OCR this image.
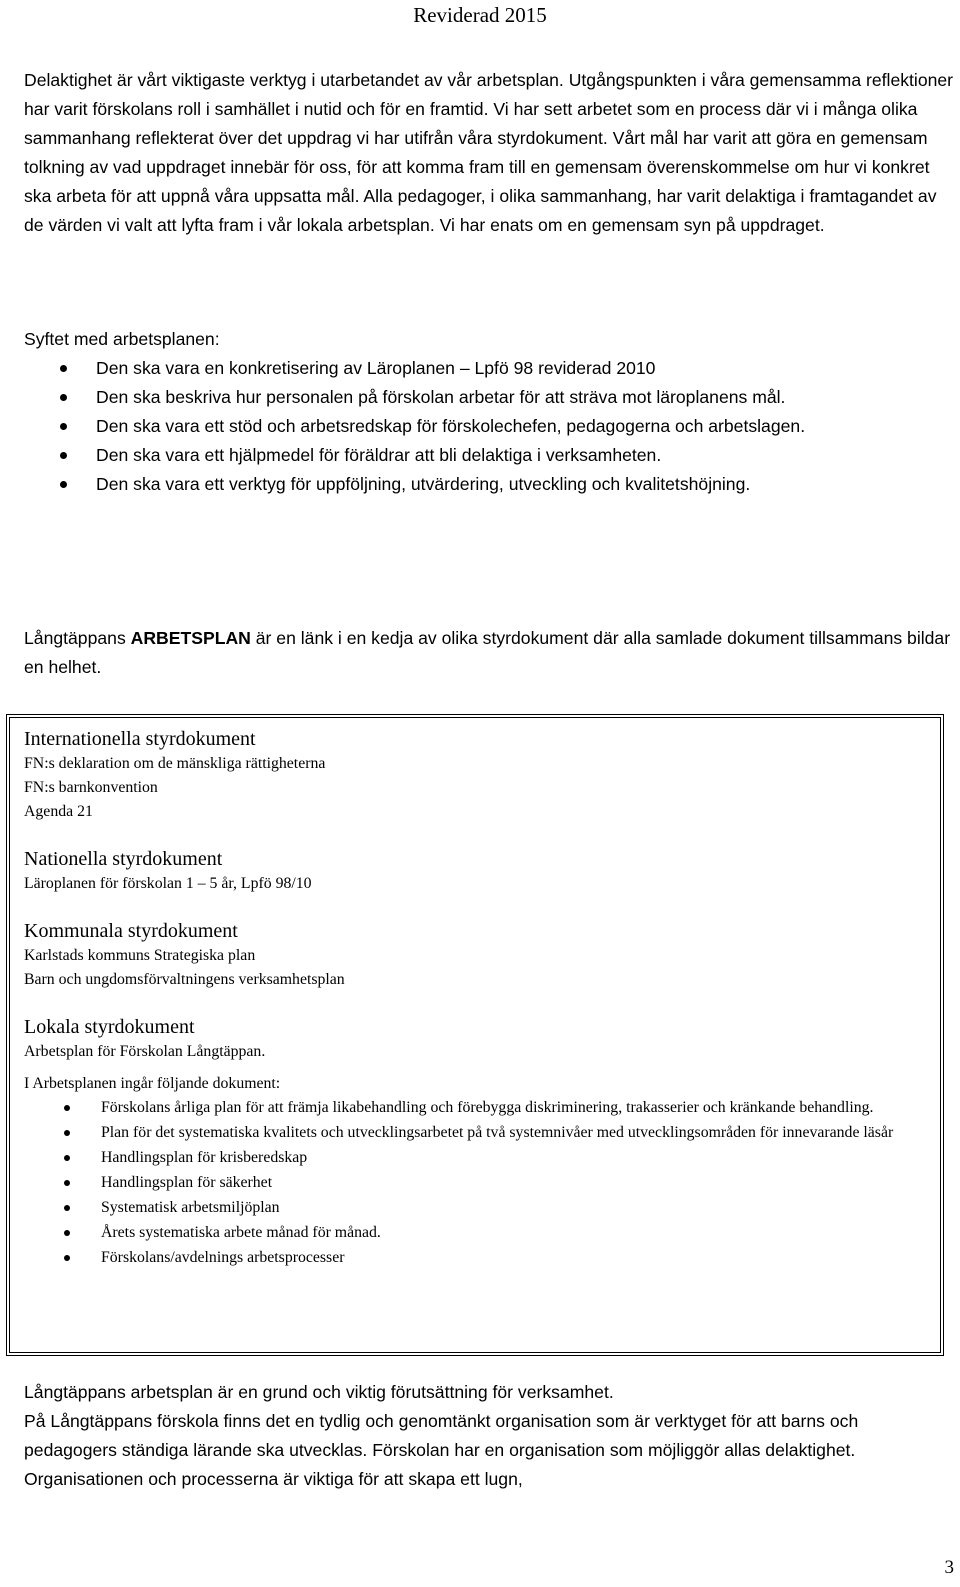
Reviderad 2015

Delaktighet är vårt viktigaste verktyg i utarbetandet av vår arbetsplan. Utgångspunkten i våra gemensamma reflektioner har varit förskolans roll i samhället i nutid och för en framtid. Vi har sett arbetet som en process där vi i många olika sammanhang reflekterat över det uppdrag vi har utifrån våra styrdokument. Vårt mål har varit att göra en gemensam tolkning av vad uppdraget innebär för oss, för att komma fram till en gemensam överenskommelse om hur vi konkret ska arbeta för att uppnå våra uppsatta mål. Alla pedagoger, i olika sammanhang, har varit delaktiga i framtagandet av de värden vi valt att lyfta fram i vår lokala arbetsplan. Vi har enats om en gemensam syn på uppdraget.

Syftet med arbetsplanen:

Den ska vara en konkretisering av Läroplanen – Lpfö 98 reviderad 2010
Den ska beskriva hur personalen på förskolan arbetar för att sträva mot läroplanens mål.
Den ska vara ett stöd och arbetsredskap för förskolechefen, pedagogerna och arbetslagen.
Den ska vara ett hjälpmedel för föräldrar att bli delaktiga i verksamheten.
Den ska vara ett verktyg för uppföljning, utvärdering, utveckling och kvalitetshöjning.

Långtäppans ARBETSPLAN är en länk i en kedja av olika styrdokument där alla samlade dokument tillsammans bildar en helhet.

Internationella styrdokument
FN:s deklaration om de mänskliga rättigheterna
FN:s barnkonvention
Agenda 21
Nationella styrdokument
Läroplanen för förskolan 1 – 5 år, Lpfö 98/10
Kommunala styrdokument
Karlstads kommuns Strategiska plan
Barn och ungdomsförvaltningens verksamhetsplan
Lokala styrdokument
Arbetsplan för Förskolan Långtäppan.
I Arbetsplanen ingår följande dokument:
Förskolans årliga plan för att främja likabehandling och förebygga diskriminering, trakasserier och kränkande behandling.
Plan för det systematiska kvalitets och utvecklingsarbetet på två systemnivåer med utvecklingsområden för innevarande läsår
Handlingsplan för krisberedskap
Handlingsplan för säkerhet
Systematisk arbetsmiljöplan
Årets systematiska arbete månad för månad.
Förskolans/avdelnings arbetsprocesser
Långtäppans arbetsplan är en grund och viktig förutsättning för verksamhet.
På Långtäppans förskola finns det en tydlig och genomtänkt organisation som är verktyget för att barns och pedagogers ständiga lärande ska utvecklas. Förskolan har en organisation som möjliggör allas delaktighet. Organisationen och processerna är viktiga för att skapa ett lugn,
3
